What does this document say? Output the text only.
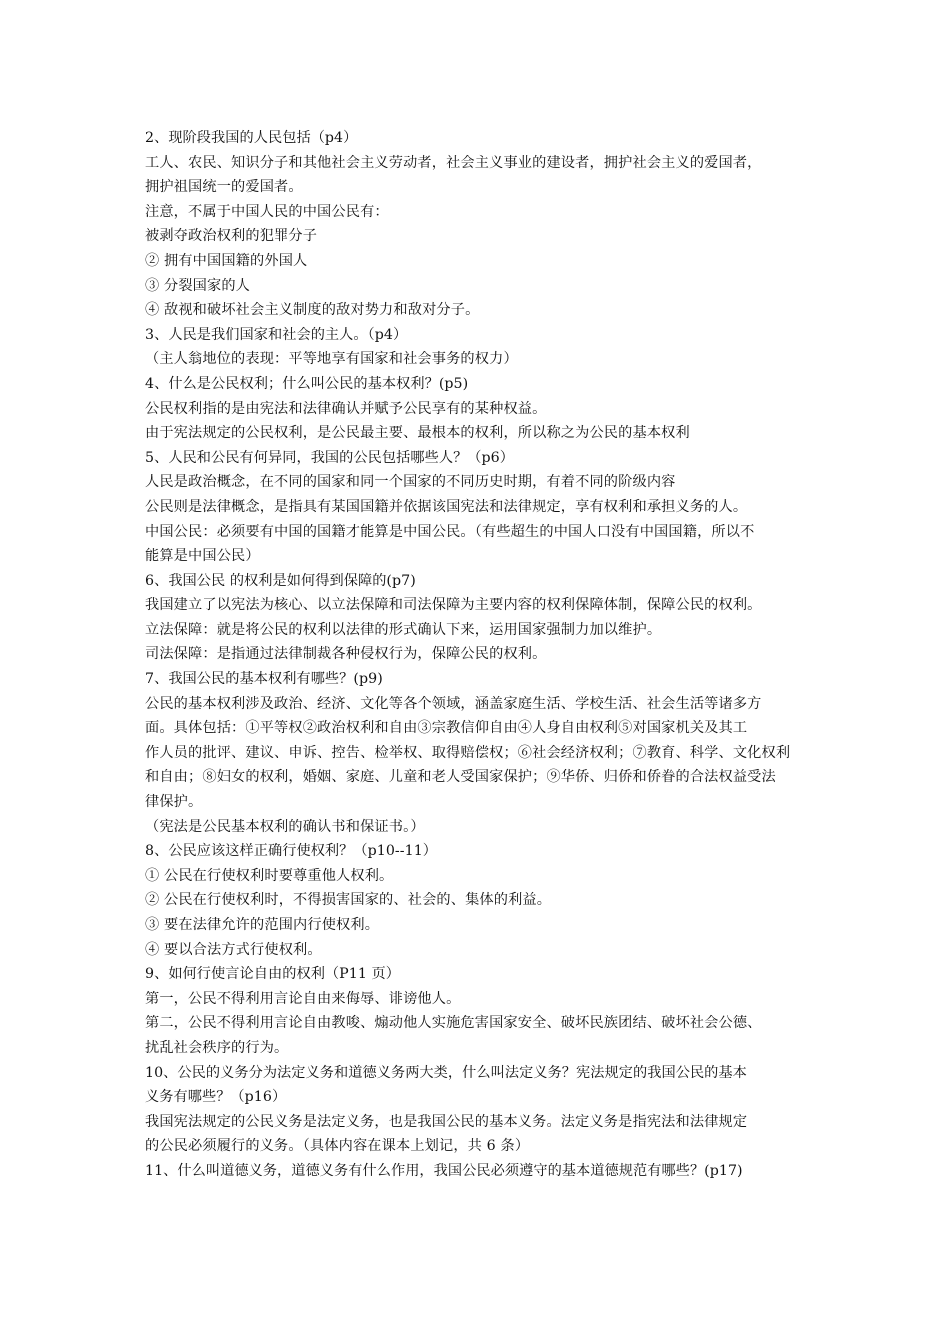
2、现阶段我国的人民包括（p4）
工人、农民、知识分子和其他社会主义劳动者，社会主义事业的建设者，拥护社会主义的爱国者，
拥护祖国统一的爱国者。
注意，不属于中国人民的中国公民有：
被剥夺政治权利的犯罪分子
② 拥有中国国籍的外国人
③ 分裂国家的人
④ 敌视和破坏社会主义制度的敌对势力和敌对分子。
3、人民是我们国家和社会的主人。（p4）
（主人翁地位的表现：平等地享有国家和社会事务的权力）
4、什么是公民权利；什么叫公民的基本权利？(p5)
公民权利指的是由宪法和法律确认并赋予公民享有的某种权益。
由于宪法规定的公民权利，是公民最主要、最根本的权利，所以称之为公民的基本权利
5、人民和公民有何异同，我国的公民包括哪些人？（p6）
人民是政治概念，在不同的国家和同一个国家的不同历史时期，有着不同的阶级内容
公民则是法律概念，是指具有某国国籍并依据该国宪法和法律规定，享有权利和承担义务的人。
中国公民：必须要有中国的国籍才能算是中国公民。（有些超生的中国人口没有中国国籍，所以不
能算是中国公民）
6、我国公民 的权利是如何得到保障的(p7)
我国建立了以宪法为核心、以立法保障和司法保障为主要内容的权利保障体制，保障公民的权利。
立法保障：就是将公民的权利以法律的形式确认下来，运用国家强制力加以维护。
司法保障：是指通过法律制裁各种侵权行为，保障公民的权利。
7、我国公民的基本权利有哪些？(p9)
公民的基本权利涉及政治、经济、文化等各个领域，涵盖家庭生活、学校生活、社会生活等诸多方
面。具体包括：①平等权②政治权利和自由③宗教信仰自由④人身自由权利⑤对国家机关及其工
作人员的批评、建议、申诉、控告、检举权、取得赔偿权；⑥社会经济权利；⑦教育、科学、文化权利
和自由；⑧妇女的权利，婚姻、家庭、儿童和老人受国家保护；⑨华侨、归侨和侨眷的合法权益受法
律保护。
（宪法是公民基本权利的确认书和保证书。）
8、公民应该这样正确行使权利？（p10--11）
① 公民在行使权利时要尊重他人权利。
② 公民在行使权利时，不得损害国家的、社会的、集体的利益。
③ 要在法律允许的范围内行使权利。
④ 要以合法方式行使权利。
9、如何行使言论自由的权利（P11 页）
第一，公民不得利用言论自由来侮辱、诽谤他人。
第二，公民不得利用言论自由教唆、煽动他人实施危害国家安全、破坏民族团结、破坏社会公德、
扰乱社会秩序的行为。
10、公民的义务分为法定义务和道德义务两大类，什么叫法定义务？宪法规定的我国公民的基本
义务有哪些？（p16）
我国宪法规定的公民义务是法定义务，也是我国公民的基本义务。法定义务是指宪法和法律规定
的公民必须履行的义务。（具体内容在课本上划记，共 6 条）
11、什么叫道德义务，道德义务有什么作用，我国公民必须遵守的基本道德规范有哪些？(p17)
